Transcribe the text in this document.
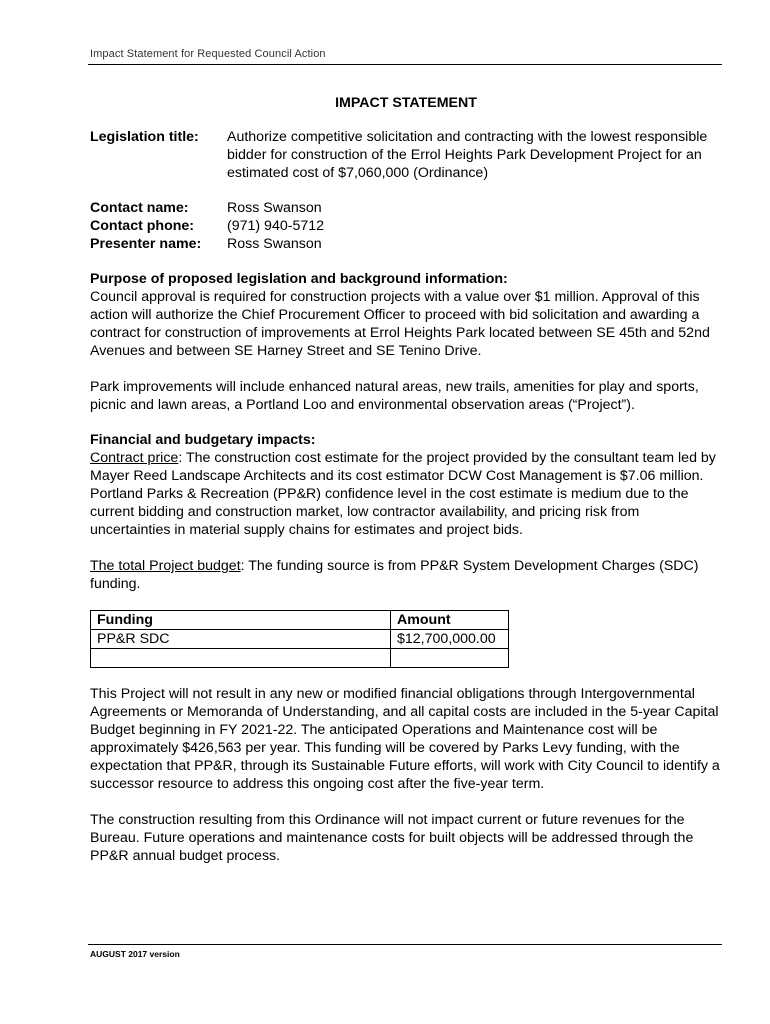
Impact Statement for Requested Council Action
IMPACT STATEMENT
Legislation title:	Authorize competitive solicitation and contracting with the lowest responsible bidder for construction of the Errol Heights Park Development Project for an estimated cost of $7,060,000 (Ordinance)
Contact name:	Ross Swanson
Contact phone:	(971) 940-5712
Presenter name:	Ross Swanson
Purpose of proposed legislation and background information:

Council approval is required for construction projects with a value over $1 million. Approval of this action will authorize the Chief Procurement Officer to proceed with bid solicitation and awarding a contract for construction of improvements at Errol Heights Park located between SE 45th and 52nd Avenues and between SE Harney Street and SE Tenino Drive.

Park improvements will include enhanced natural areas, new trails, amenities for play and sports, picnic and lawn areas, a Portland Loo and environmental observation areas (“Project”).

Financial and budgetary impacts:

Contract price: The construction cost estimate for the project provided by the consultant team led by Mayer Reed Landscape Architects and its cost estimator DCW Cost Management is $7.06 million. Portland Parks & Recreation (PP&R) confidence level in the cost estimate is medium due to the current bidding and construction market, low contractor availability, and pricing risk from uncertainties in material supply chains for estimates and project bids.

The total Project budget: The funding source is from PP&R System Development Charges (SDC) funding.

Funding	Amount
PP&R SDC	$12,700,000.00

This Project will not result in any new or modified financial obligations through Intergovernmental Agreements or Memoranda of Understanding, and all capital costs are included in the 5-year Capital Budget beginning in FY 2021-22. The anticipated Operations and Maintenance cost will be approximately $426,563 per year. This funding will be covered by Parks Levy funding, with the expectation that PP&R, through its Sustainable Future efforts, will work with City Council to identify a successor resource to address this ongoing cost after the five-year term.

The construction resulting from this Ordinance will not impact current or future revenues for the Bureau. Future operations and maintenance costs for built objects will be addressed through the PP&R annual budget process.

AUGUST 2017 version
